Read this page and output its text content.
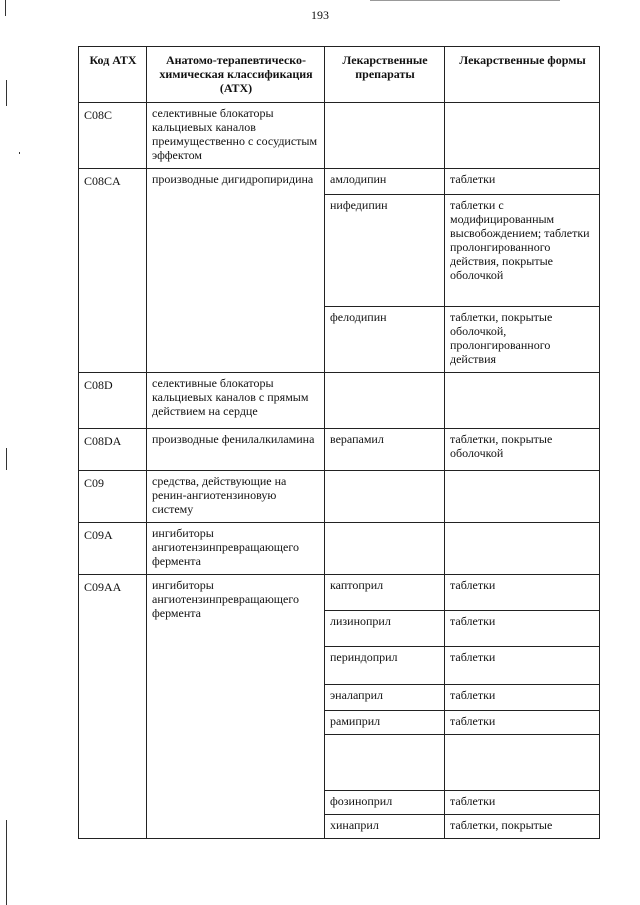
193
Код АТХ	Анатомо-терапевтическо-химическая классификация (АТХ)	Лекарственные препараты	Лекарственные формы
C08C	селективные блокаторы кальциевых каналов преимущественно с сосудистым эффектом		
C08CA	производные дигидропиридина	амлодипин	таблетки
		нифедипин	таблетки с модифицированным высвобождением; таблетки пролонгированного действия, покрытые оболочкой
		фелодипин	таблетки, покрытые оболочкой, пролонгированного действия
C08D	селективные блокаторы кальциевых каналов с прямым действием на сердце		
C08DA	производные фенилалкиламина	верапамил	таблетки, покрытые оболочкой
C09	средства, действующие на ренин-ангиотензиновую систему		
C09A	ингибиторы ангиотензинпревращающего фермента		
C09AA	ингибиторы ангиотензинпревращающего фермента	каптоприл	таблетки
		лизиноприл	таблетки
		периндоприл	таблетки
		эналаприл	таблетки
		рамиприл	таблетки

		фозиноприл	таблетки
		хинаприл	таблетки, покрытые
